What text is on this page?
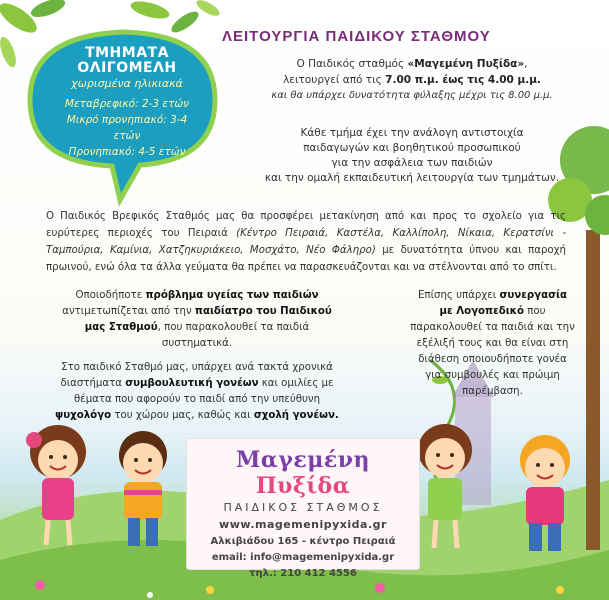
ΤΜΗΜΑΤΑ
ΟΛΙΓΟΜΕΛΗ
χωρισμένα ηλικιακά
Μεταβρεφικό: 2-3 ετών
Μικρό προνηπιακό: 3-4 ετών
Προνηπιακό: 4-5 ετών
ΛΕΙΤΟΥΡΓΙΑ ΠΑΙΔΙΚΟΥ ΣΤΑΘΜΟΥ
Ο Παιδικός σταθμός «Μαγεμένη Πυξίδα»,
λειτουργεί από τις 7.00 π.μ. έως τις 4.00 μ.μ.
και θα υπάρχει δυνατότητα φύλαξης μέχρι τις 8.00 μ.μ.
Κάθε τμήμα έχει την ανάλογη αντιστοιχία
παιδαγωγών και βοηθητικού προσωπικού
για την ασφάλεια των παιδιών
και την ομαλή εκπαιδευτική λειτουργία των τμημάτων.
Ο Παιδικός Βρεφικός Σταθμός μας θα προσφέρει μετακίνηση από και προς το σχολείο για τις ευρύτερες περιοχές του Πειραιά (Κέντρο Πειραιά, Καστέλα, Καλλίπολη, Νίκαια, Κερατσίνι - Ταμπούρια, Καμίνια, Χατζηκυριάκειο, Μοσχάτο, Νέο Φάληρο) με δυνατότητα ύπνου και παροχή πρωινού, ενώ όλα τα άλλα γεύματα θα πρέπει να παρασκευάζονται και να στέλνονται από το σπίτι.

Οποιοδήποτε πρόβλημα υγείας των παιδιών αντιμετωπίζεται από την παιδίατρο του Παιδικού μας Σταθμού, που παρακολουθεί τα παιδιά συστηματικά.

Στο παιδικό Σταθμό μας, υπάρχει ανά τακτά χρονικά διαστήματα συμβουλευτική γονέων και ομιλίες με θέματα που αφορούν το παιδί από την υπεύθυνη ψυχολόγο του χώρου μας, καθώς και σχολή γονέων.

Επίσης υπάρχει συνεργασία με Λογοπεδικό που παρακολουθεί τα παιδιά και την εξέλιξή τους και θα είναι στη διάθεση οποιουδήποτε γονέα για συμβουλές και πρώιμη παρέμβαση.
Μαγεμένη Πυξίδα
ΠΑΙΔΙΚΟΣ ΣΤΑΘΜΟΣ
www.magemenipyxida.gr
Αλκιβιάδου 165 - κέντρο Πειραιά
email: info@magemenipyxida.gr
τηλ.: 210 412 4556
